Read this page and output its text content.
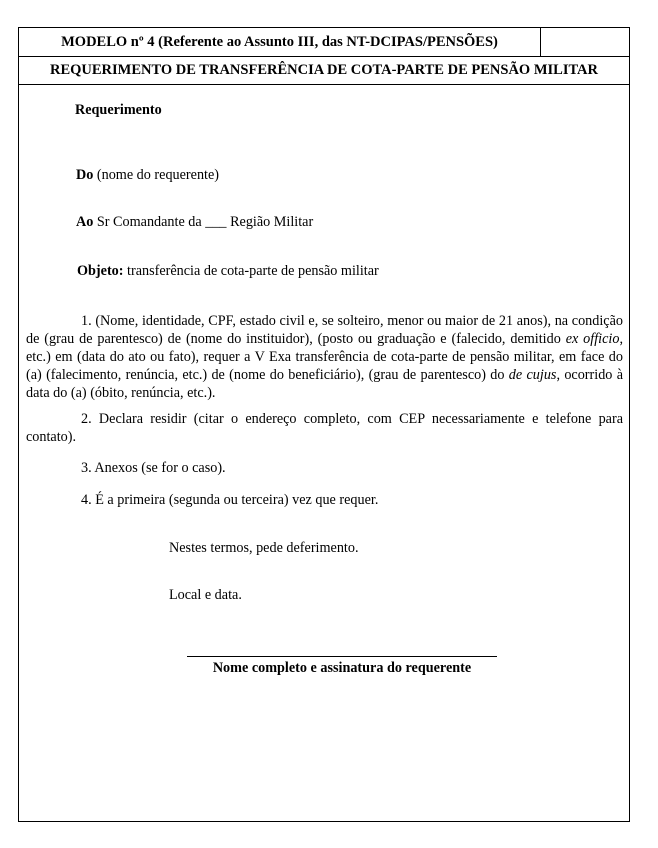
MODELO nº 4 (Referente ao Assunto III, das NT-DCIPAS/PENSÕES)
REQUERIMENTO DE TRANSFERÊNCIA DE COTA-PARTE DE PENSÃO MILITAR
Requerimento
Do (nome do requerente)
Ao Sr Comandante da ___ Região Militar
Objeto: transferência de cota-parte de pensão militar
1. (Nome, identidade, CPF, estado civil e, se solteiro, menor ou maior de 21 anos), na condição de (grau de parentesco) de (nome do instituidor), (posto ou graduação e (falecido, demitido ex officio, etc.) em (data do ato ou fato), requer a V Exa transferência de cota-parte de pensão militar, em face do (a) (falecimento, renúncia, etc.) de (nome do beneficiário), (grau de parentesco) do de cujus, ocorrido à data do (a) (óbito, renúncia, etc.).
2. Declara residir (citar o endereço completo, com CEP necessariamente e telefone para contato).
3. Anexos (se for o caso).
4. É a primeira (segunda ou terceira) vez que requer.
Nestes termos, pede deferimento.
Local e data.
Nome completo e assinatura do requerente
